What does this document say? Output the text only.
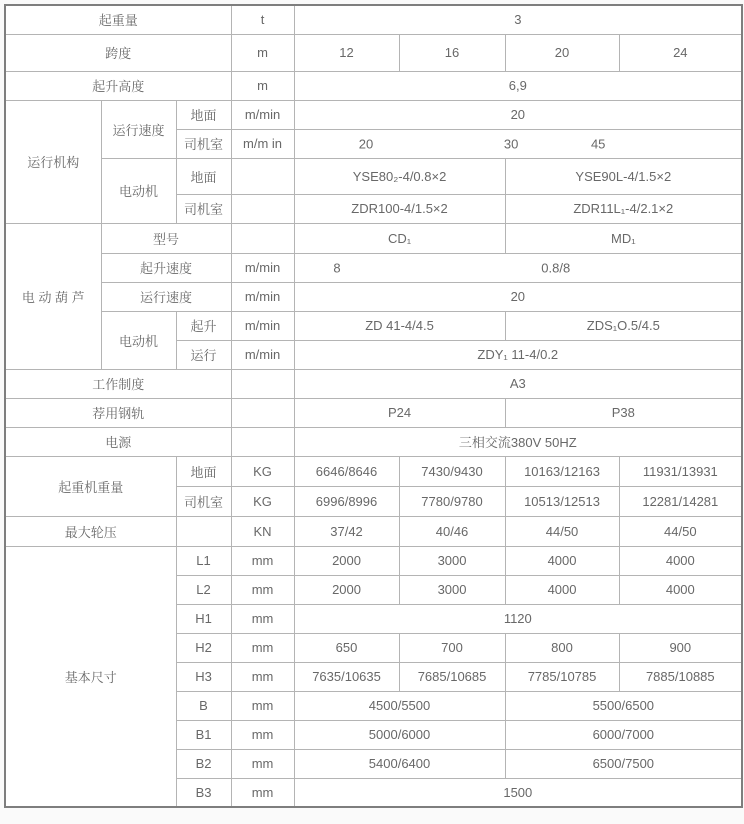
起重量			t	3			
跨度			m	12	16	20	24
起升高度			m	6,9			
运行机构	运行速度	地面	m/min	20			
		司机室	m/m in	20 30 45			

	电动机	地面		YSE80₂-4/0.8×2		YSE90L-4/1.5×2	
		司机室		ZDR100-4/1.5×2		ZDR11L₁-4/2.1×2	
电 动 葫 芦	型号			CD₁		MD₁	
	起升速度		m/min	8 0.8/8			

	运行速度		m/min	20			
	电动机	起升	m/min	ZD 41-4/4.5		ZDS₁O.5/4.5	
		运行	m/min	ZDY₁ 11-4/0.2			
工作制度				A3			
荐用钢轨				P24		P38	
电源				三相交流380V 50HZ			
起重机重量		地面	KG	6646/8646	7430/9430	10163/12163	11931/13931
		司机室	KG	6996/8996	7780/9780	10513/12513	12281/14281
最大轮压			KN	37/42	40/46	44/50	44/50
基本尺寸		L1	mm	2000	3000	4000	4000
		L2	mm	2000	3000	4000	4000
		H1	mm	1120			
		H2	mm	650	700	800	900
		H3	mm	7635/10635	7685/10685	7785/10785	7885/10885
		B	mm	4500/5500		5500/6500	
		B1	mm	5000/6000		6000/7000	
		B2	mm	5400/6400		6500/7500	
		B3	mm	1500			
